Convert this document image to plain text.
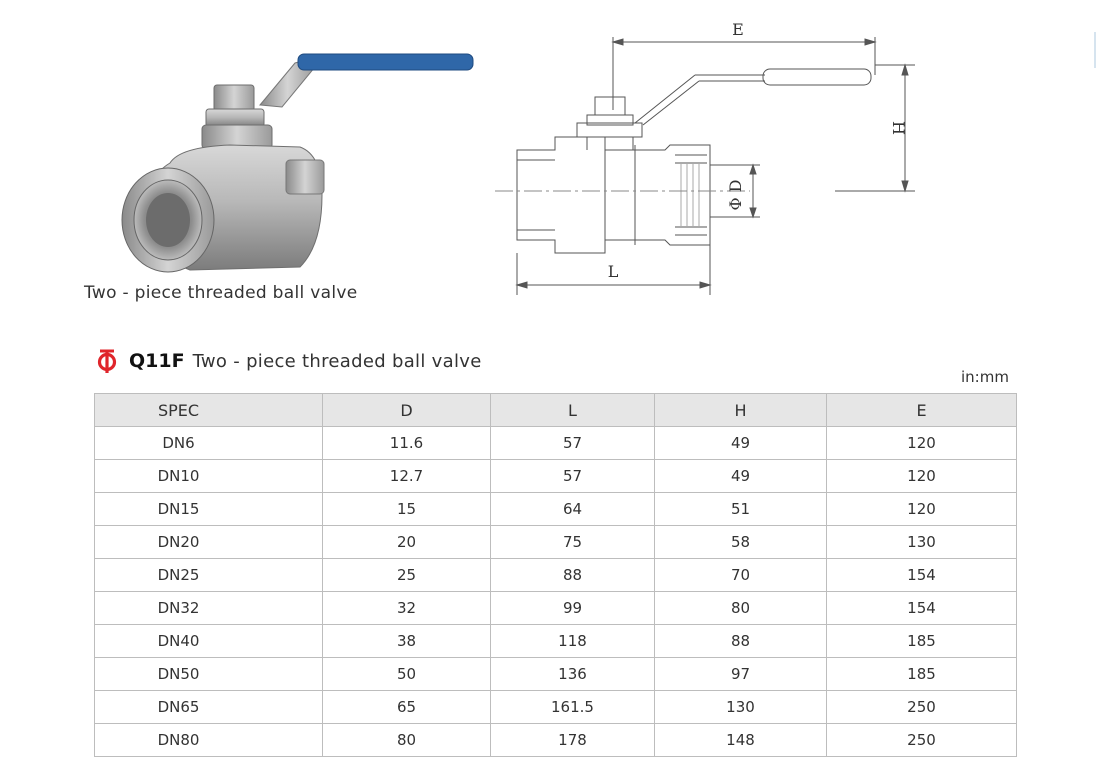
Two - piece threaded ball valve
E
H
Φ D
L
Q11F Two - piece threaded ball valve
in:mm
SPEC	D	L	H	E
DN6	11.6	57	49	120
DN10	12.7	57	49	120
DN15	15	64	51	120
DN20	20	75	58	130
DN25	25	88	70	154
DN32	32	99	80	154
DN40	38	118	88	185
DN50	50	136	97	185
DN65	65	161.5	130	250
DN80	80	178	148	250
